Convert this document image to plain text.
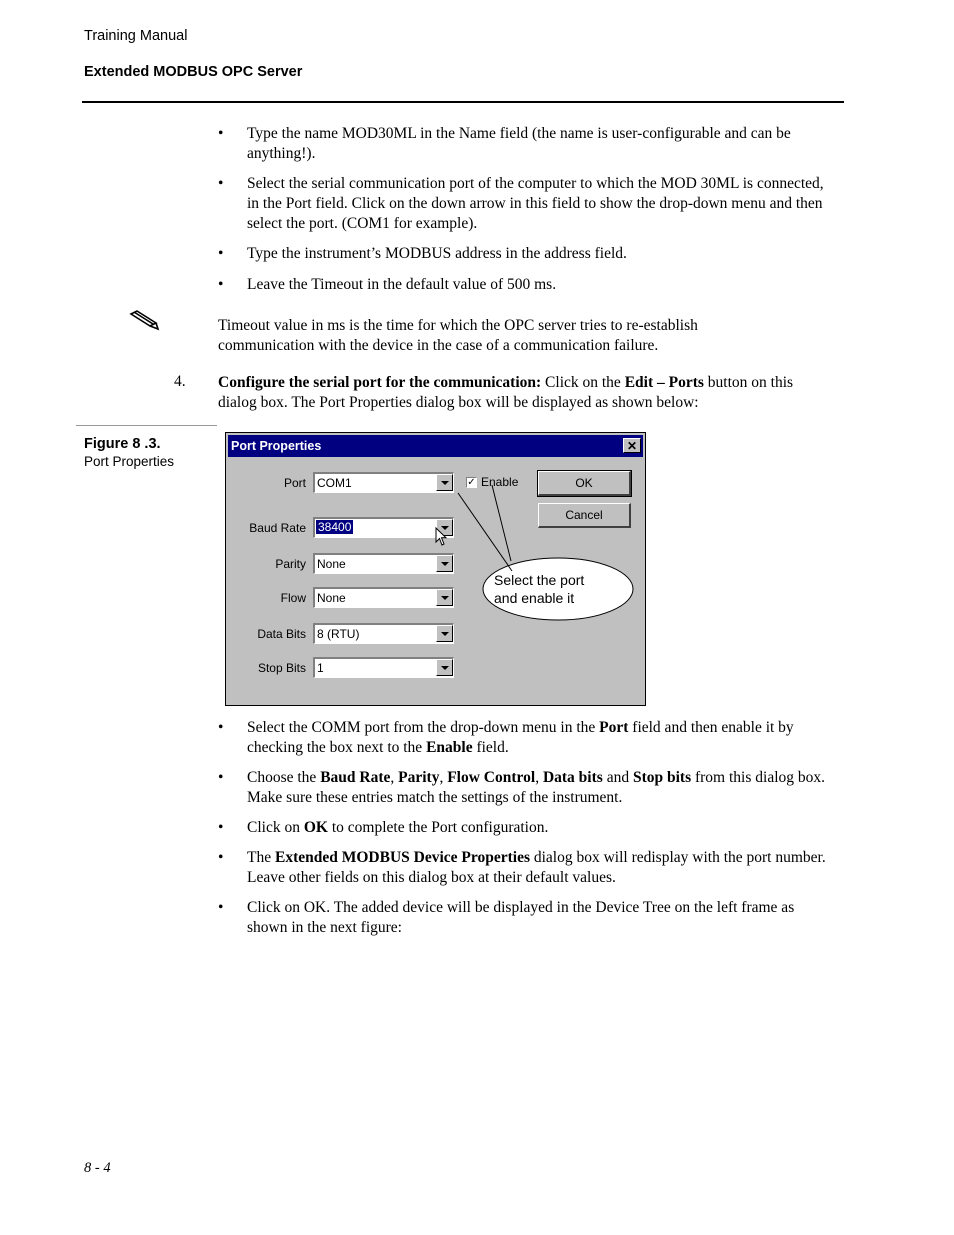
Training Manual
Extended MODBUS OPC Server
• Type the name MOD30ML in the Name field (the name is user-configurable and can be anything!).
• Select the serial communication port of the computer to which the MOD 30ML is connected, in the Port field. Click on the down arrow in this field to show the drop-down menu and then select the port. (COM1 for example).
• Type the instrument’s MODBUS address in the address field.
• Leave the Timeout in the default value of 500 ms.
Timeout value in ms is the time for which the OPC server tries to re-establish communication with the device in the case of a communication failure.
4. Configure the serial port for the communication: Click on the Edit – Ports button on this dialog box. The Port Properties dialog box will be displayed as shown below:
Figure 8 .3.
Port Properties
Port Properties	✕
Port COM1
Baud Rate 38400
Parity None
Flow None
Data Bits 8 (RTU)
Stop Bits 1
✓ Enable	OK
Cancel
Select the port
and enable it
• Select the COMM port from the drop-down menu in the Port field and then enable it by checking the box next to the Enable field.
• Choose the Baud Rate, Parity, Flow Control, Data bits and Stop bits from this dialog box. Make sure these entries match the settings of the instrument.
• Click on OK to complete the Port configuration.
• The Extended MODBUS Device Properties dialog box will redisplay with the port number. Leave other fields on this dialog box at their default values.
• Click on OK. The added device will be displayed in the Device Tree on the left frame as shown in the next figure:
8 - 4
